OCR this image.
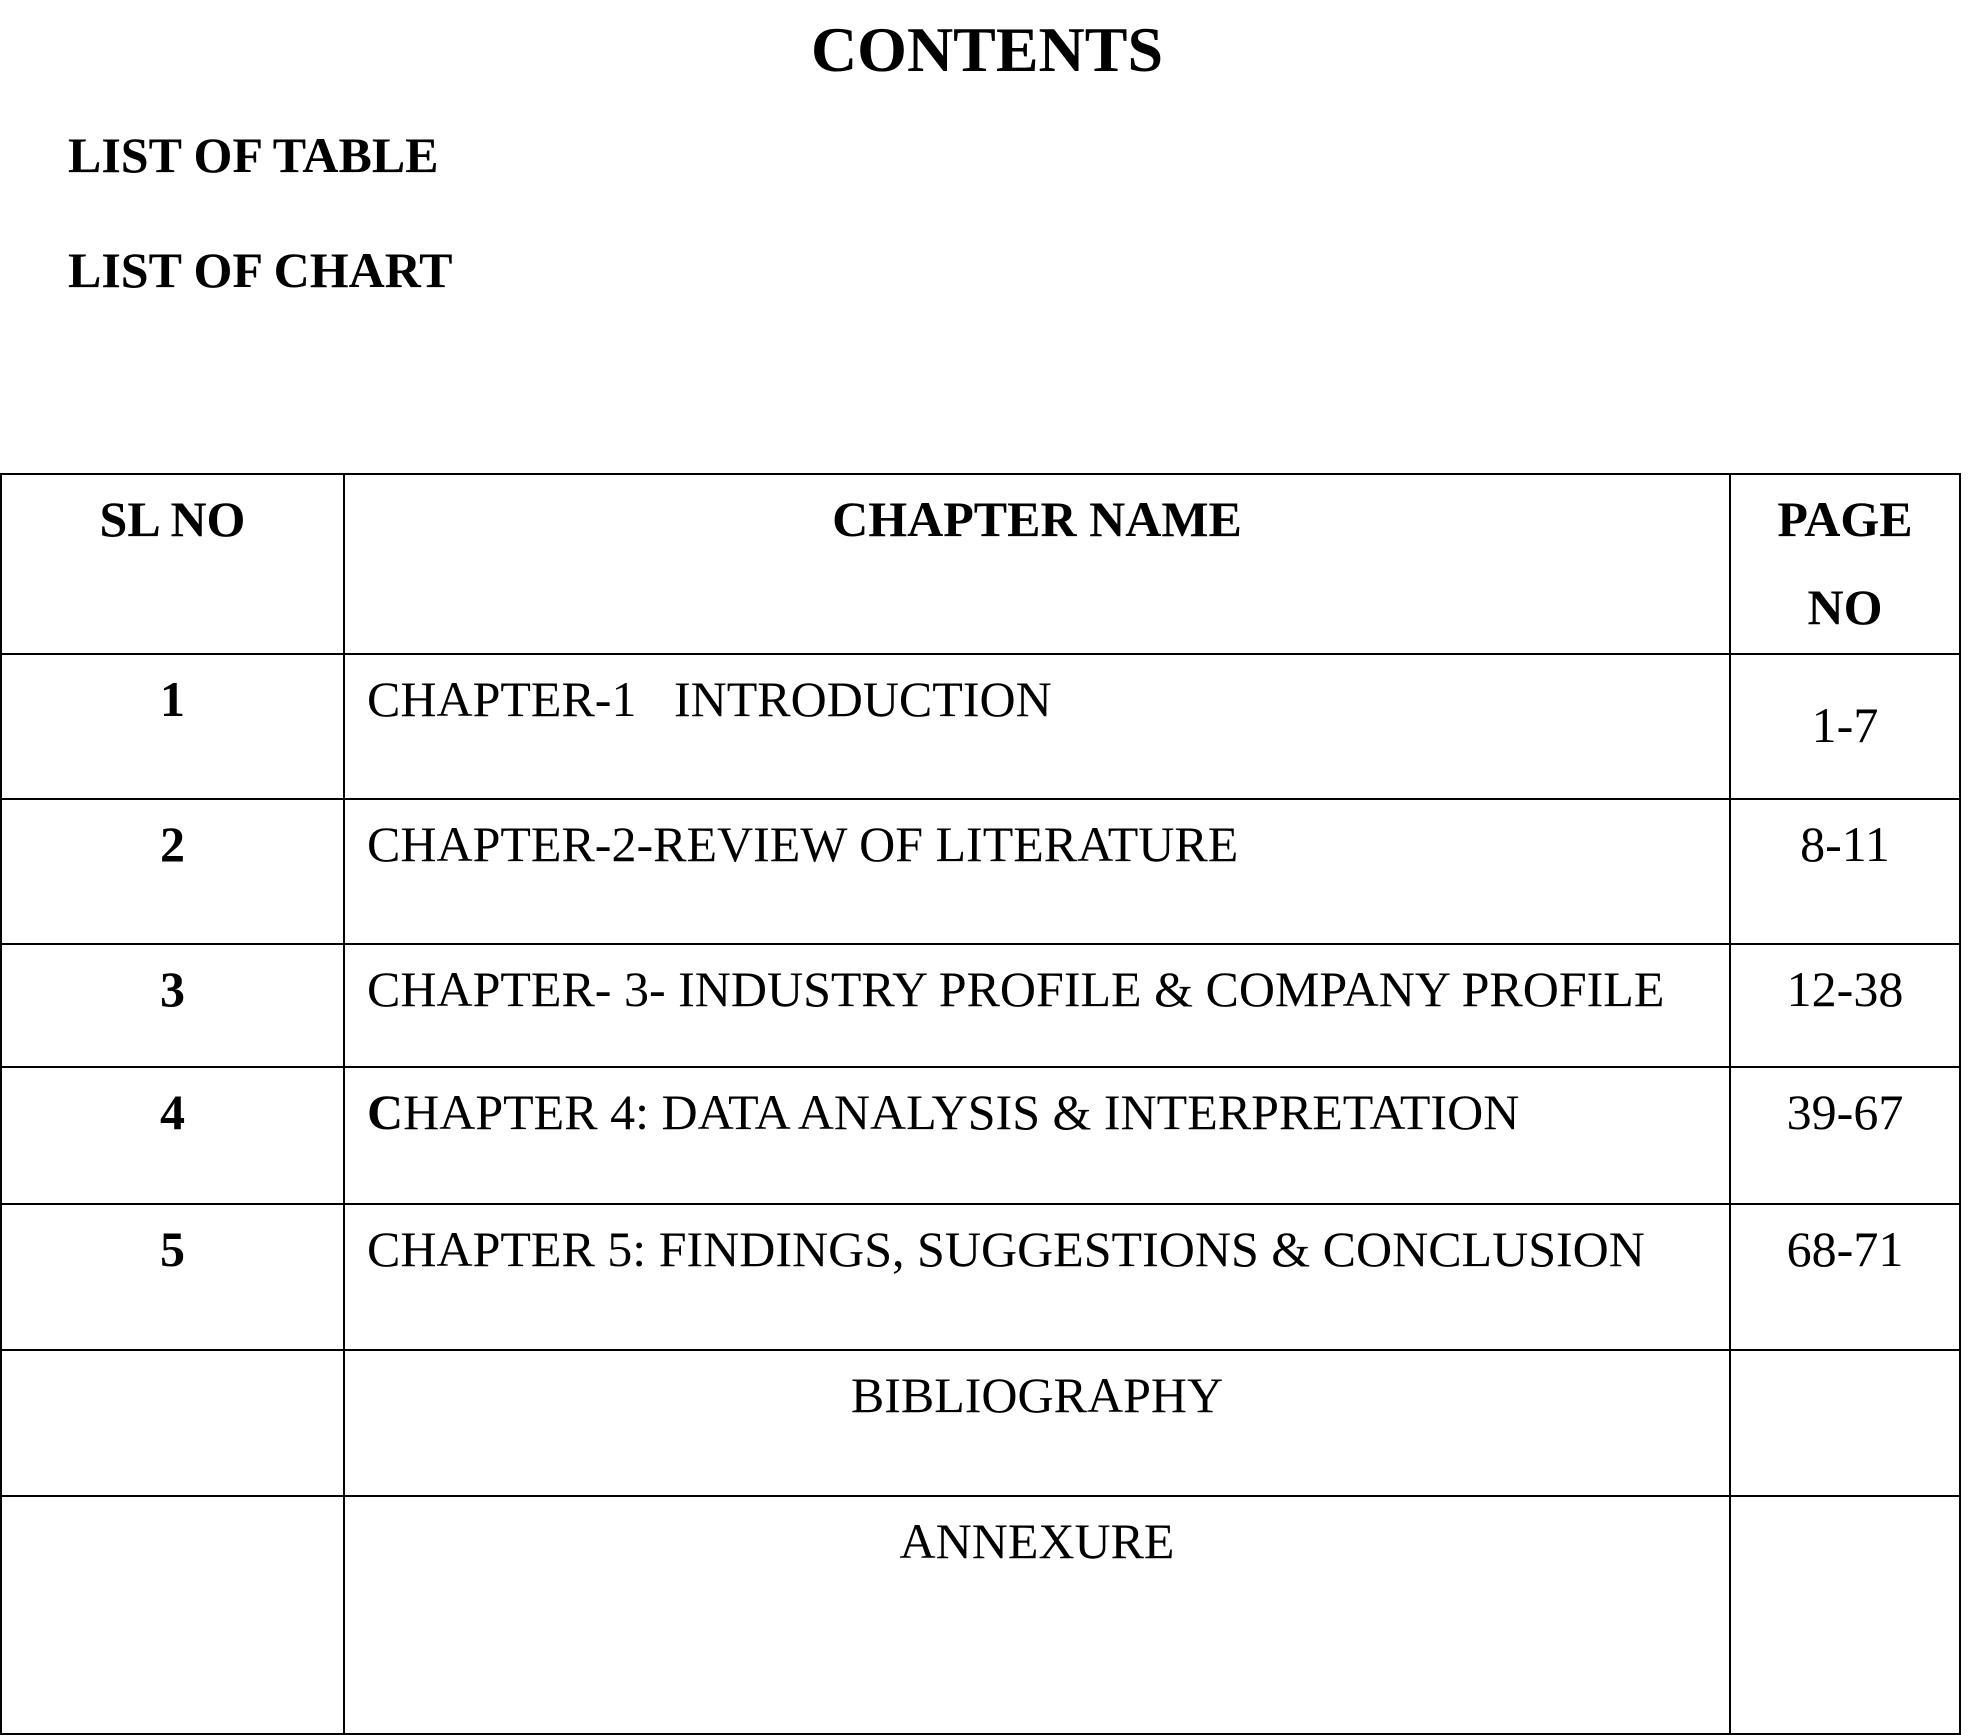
CONTENTS
LIST OF TABLE
LIST OF CHART
SL NO	CHAPTER NAME	PAGE
NO

1	CHAPTER-1   INTRODUCTION	1-7
2	CHAPTER-2-REVIEW OF LITERATURE	8-11
3	CHAPTER- 3- INDUSTRY PROFILE & COMPANY PROFILE	12-38
4	CHAPTER 4: DATA ANALYSIS & INTERPRETATION	39-67
5	CHAPTER 5: FINDINGS, SUGGESTIONS & CONCLUSION	68-71
	BIBLIOGRAPHY	
	ANNEXURE	
